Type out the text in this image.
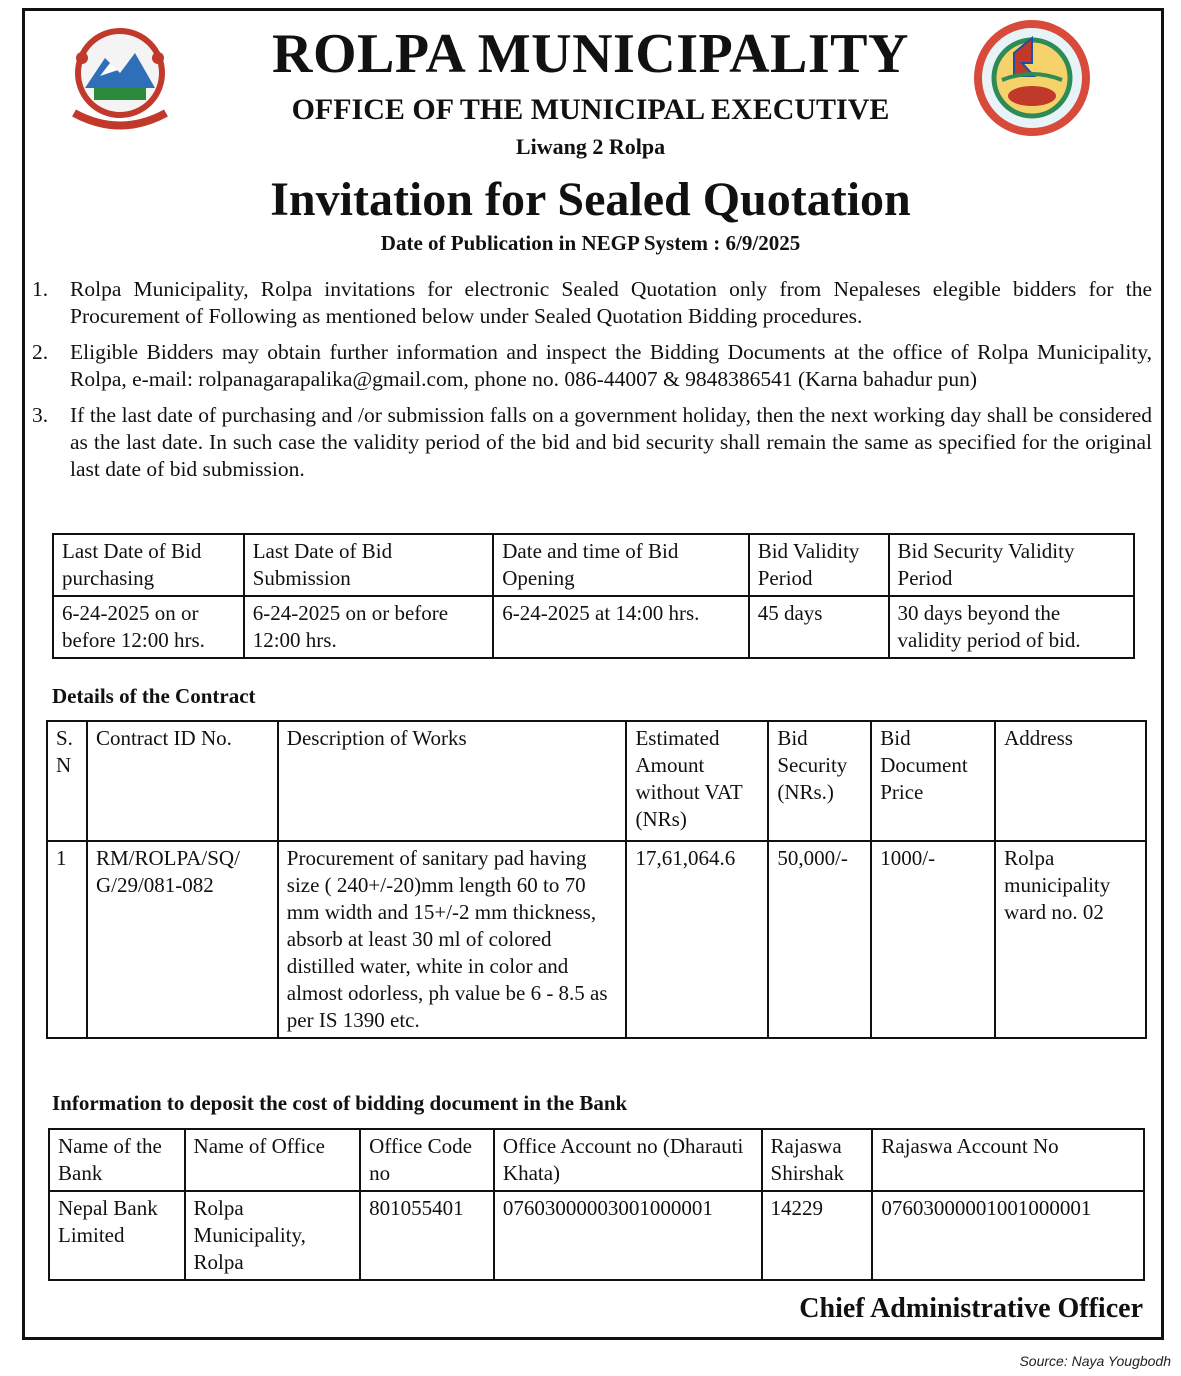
ROLPA MUNICIPALITY
OFFICE OF THE MUNICIPAL EXECUTIVE
Liwang 2 Rolpa
Invitation for Sealed Quotation
Date of Publication in NEGP System : 6/9/2025
1.	Rolpa Municipality, Rolpa invitations for electronic Sealed Quotation only from Nepaleses elegible bidders for the Procurement of Following as mentioned below under Sealed Quotation Bidding procedures.
2.	Eligible Bidders may obtain further information and inspect the Bidding Documents at the office of Rolpa Municipality, Rolpa, e-mail: rolpanagarapalika@gmail.com, phone no. 086-44007 & 9848386541 (Karna bahadur pun)
3.	If the last date of purchasing and /or submission falls on a government holiday, then the next working day shall be considered as the last date. In such case the validity period of the bid and bid security shall remain the same as specified for the original last date of bid submission.
Last Date of Bid purchasing	Last Date of Bid Submission	Date and time of Bid Opening	Bid Validity Period	Bid Security Validity Period
6-24-2025 on or before 12:00 hrs.	6-24-2025 on or before 12:00 hrs.	6-24-2025 at 14:00 hrs.	45 days	30 days beyond the validity period of bid.
Details of the Contract
S. N	Contract ID No.	Description of Works	Estimated Amount without VAT (NRs)	Bid Security (NRs.)	Bid Document Price	Address
1	RM/ROLPA/SQ/ G/29/081-082	Procurement of sanitary pad having size ( 240+/-20)mm length 60 to 70 mm width and 15+/-2 mm thickness, absorb at least 30 ml of colored distilled water, white in color and almost odorless, ph value be 6 - 8.5 as per IS 1390 etc.	17,61,064.6	50,000/-	1000/-	Rolpa municipality ward no. 02
Information to deposit the cost of bidding document in the Bank
Name of the Bank	Name of Office	Office Code no	Office Account no (Dharauti Khata)	Rajaswa Shirshak	Rajaswa Account No
Nepal Bank Limited	Rolpa Municipality, Rolpa	801055401	07603000003001000001	14229	07603000001001000001
Chief Administrative Officer
Source: Naya Yougbodh
